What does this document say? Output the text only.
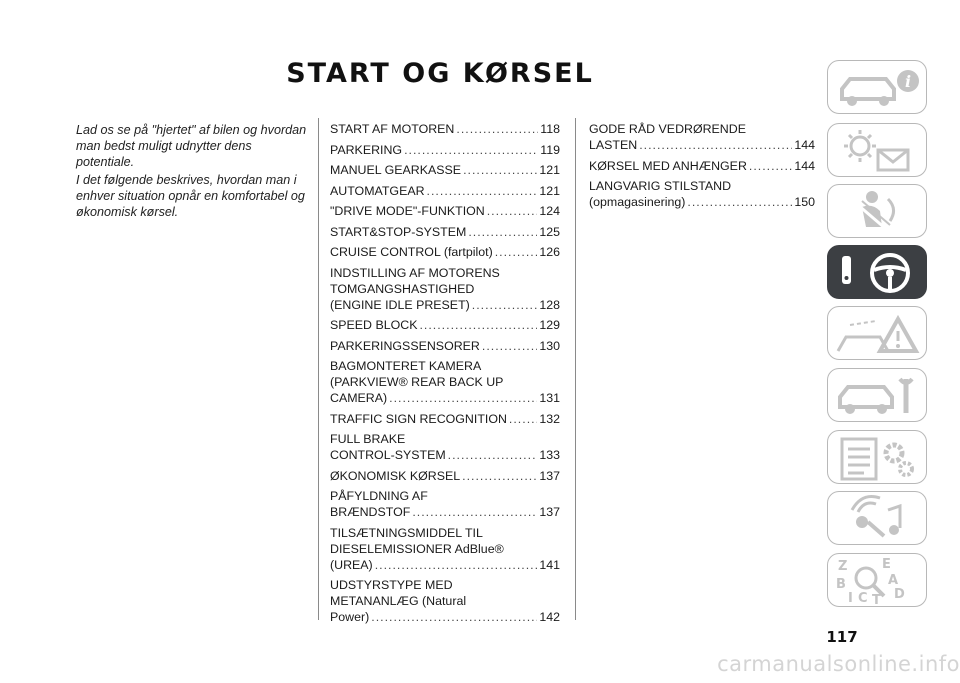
START OG KØRSEL

Lad os se på "hjertet" af bilen og hvordan man bedst muligt udnytter dens potentiale.

I det følgende beskrives, hvordan man i enhver situation opnår en komfortabel og økonomisk kørsel.

START AF MOTOREN .....	118
PARKERING .....	119
MANUEL GEARKASSE .....	121
AUTOMATGEAR .....	121
"DRIVE MODE"-FUNKTION .....	124
START&STOP-SYSTEM .....	125
CRUISE CONTROL (fartpilot) .....	126
INDSTILLING AF MOTORENS
TOMGANGSHASTIGHED
(ENGINE IDLE PRESET) .....	128
SPEED BLOCK .....	129
PARKERINGSSENSORER .....	130
BAGMONTERET KAMERA
(PARKVIEW® REAR BACK UP
CAMERA) .....	131
TRAFFIC SIGN RECOGNITION .....	132
FULL BRAKE
CONTROL-SYSTEM .....	133
ØKONOMISK KØRSEL .....	137
PÅFYLDNING AF
BRÆNDSTOF .....	137
TILSÆTNINGSMIDDEL TIL
DIESELEMISSIONER AdBlue®
(UREA) .....	141
UDSTYRSTYPE MED
METANANLÆG (Natural
Power) .....	142
GODE RÅD VEDRØRENDE
LASTEN .....	144
KØRSEL MED ANHÆNGER .....	144
LANGVARIG STILSTAND
(opmagasinering) .....	150
i
Z	E
B	A
D
I C T
117
carmanualsonline.info
